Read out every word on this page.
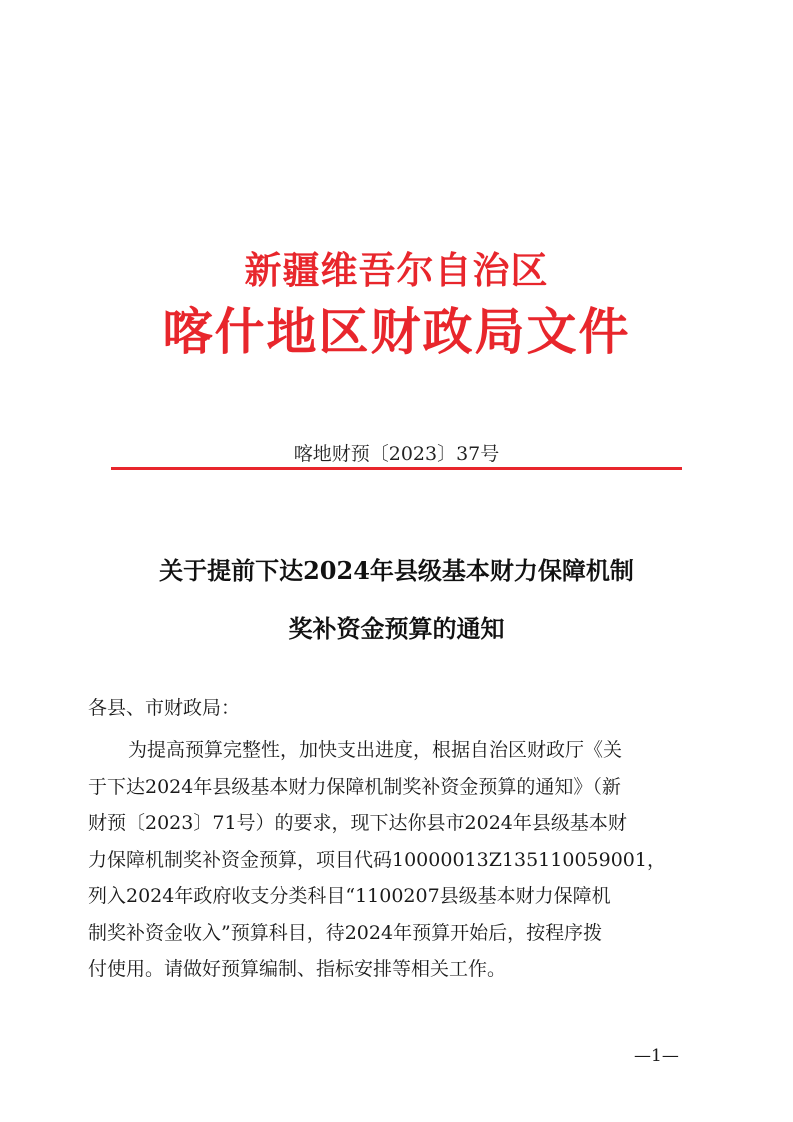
新疆维吾尔自治区
喀什地区财政局文件
喀地财预〔2023〕37号
关于提前下达2024年县级基本财力保障机制
奖补资金预算的通知
各县、市财政局：
为提高预算完整性，加快支出进度，根据自治区财政厅《关
于下达2024年县级基本财力保障机制奖补资金预算的通知》（新
财预〔2023〕71号）的要求，现下达你县市2024年县级基本财
力保障机制奖补资金预算，项目代码10000013Z135110059001，
列入2024年政府收支分类科目“1100207县级基本财力保障机
制奖补资金收入”预算科目，待2024年预算开始后，按程序拨
付使用。请做好预算编制、指标安排等相关工作。
—1—
